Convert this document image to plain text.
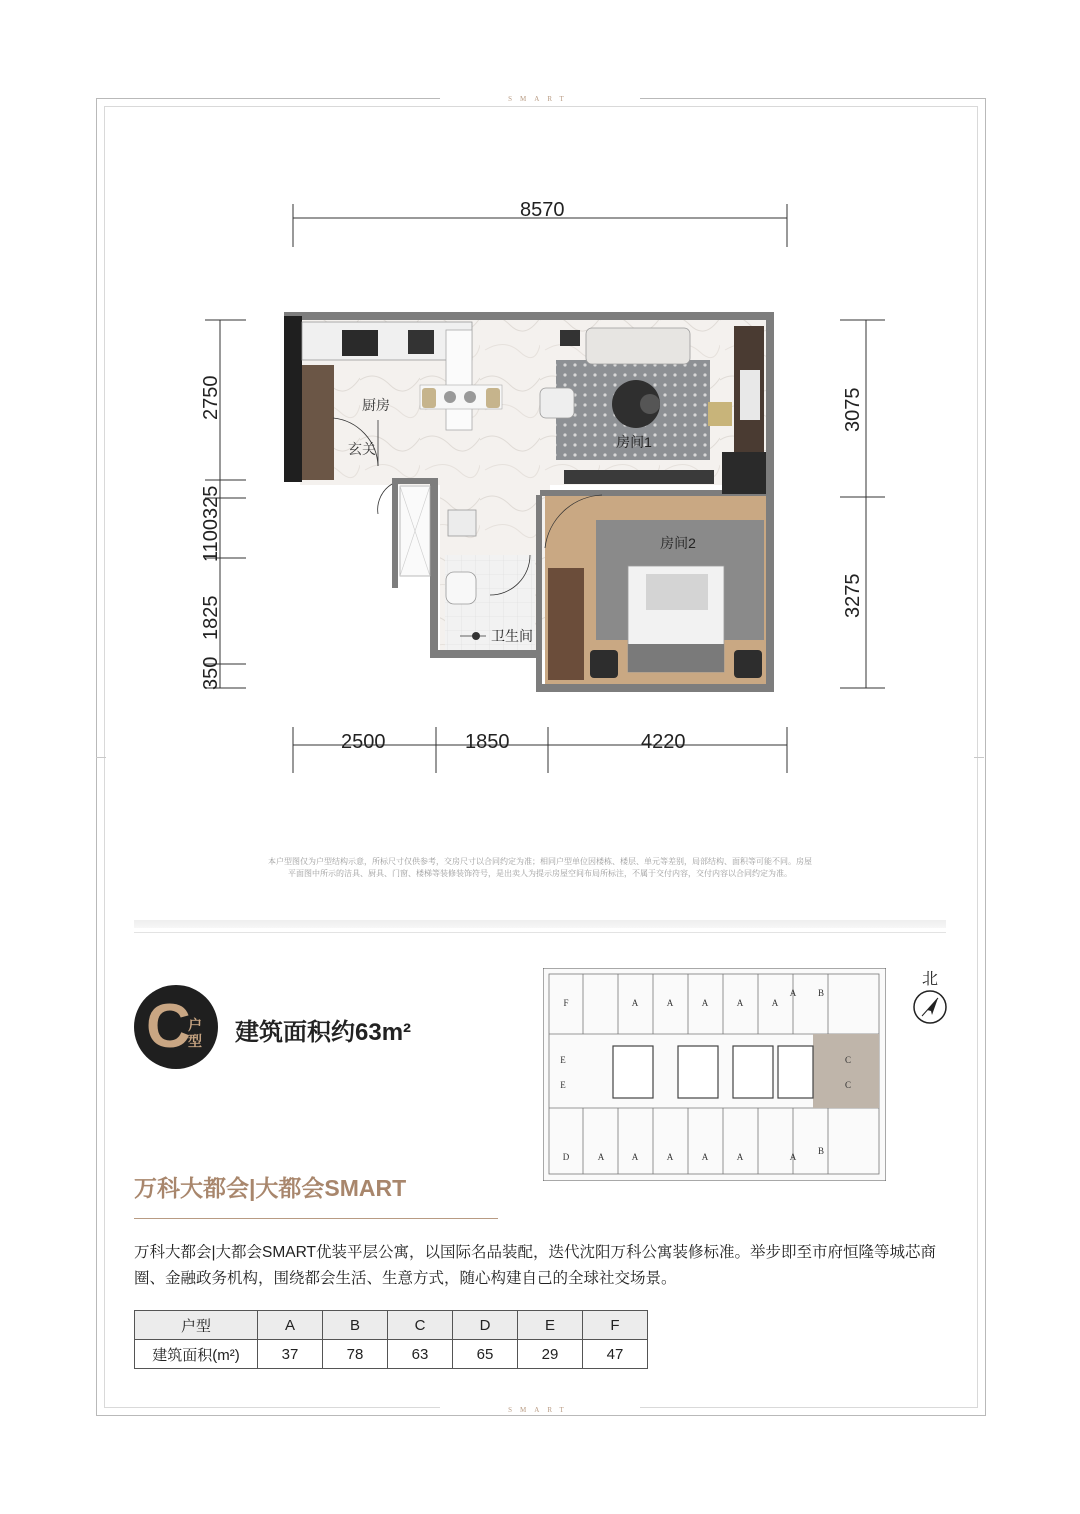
SMART
SMART
厨房
玄关	房间1
房间2
卫生间
8570
2500	1850	4220
2750
1100325
1825
350
3075
3275
本户型图仅为户型结构示意，所标尺寸仅供参考，交房尺寸以合同约定为准；相同户型单位因楼栋、楼层、单元等差别，局部结构、面积等可能不同。房屋
平面图中所示的洁具、厨具、门窗、楼梯等装修装饰符号，是出卖人为提示房屋空间布局所标注，不属于交付内容，交付内容以合同约定为准。
C
户型 建筑面积约63m²
F	A	A	A	A	A
A B
D	A	A	A	A	A	A
B
E
E
C
C
北
万科大都会|大都会SMART
万科大都会|大都会SMART优装平层公寓，以国际名品装配，迭代沈阳万科公寓装修标准。举步即至市府恒隆等城芯商圈、金融政务机构，围绕都会生活、生意方式，随心构建自己的全球社交场景。
户型	A	B	C	D	E	F
建筑面积(m²)	37	78	63	65	29	47
